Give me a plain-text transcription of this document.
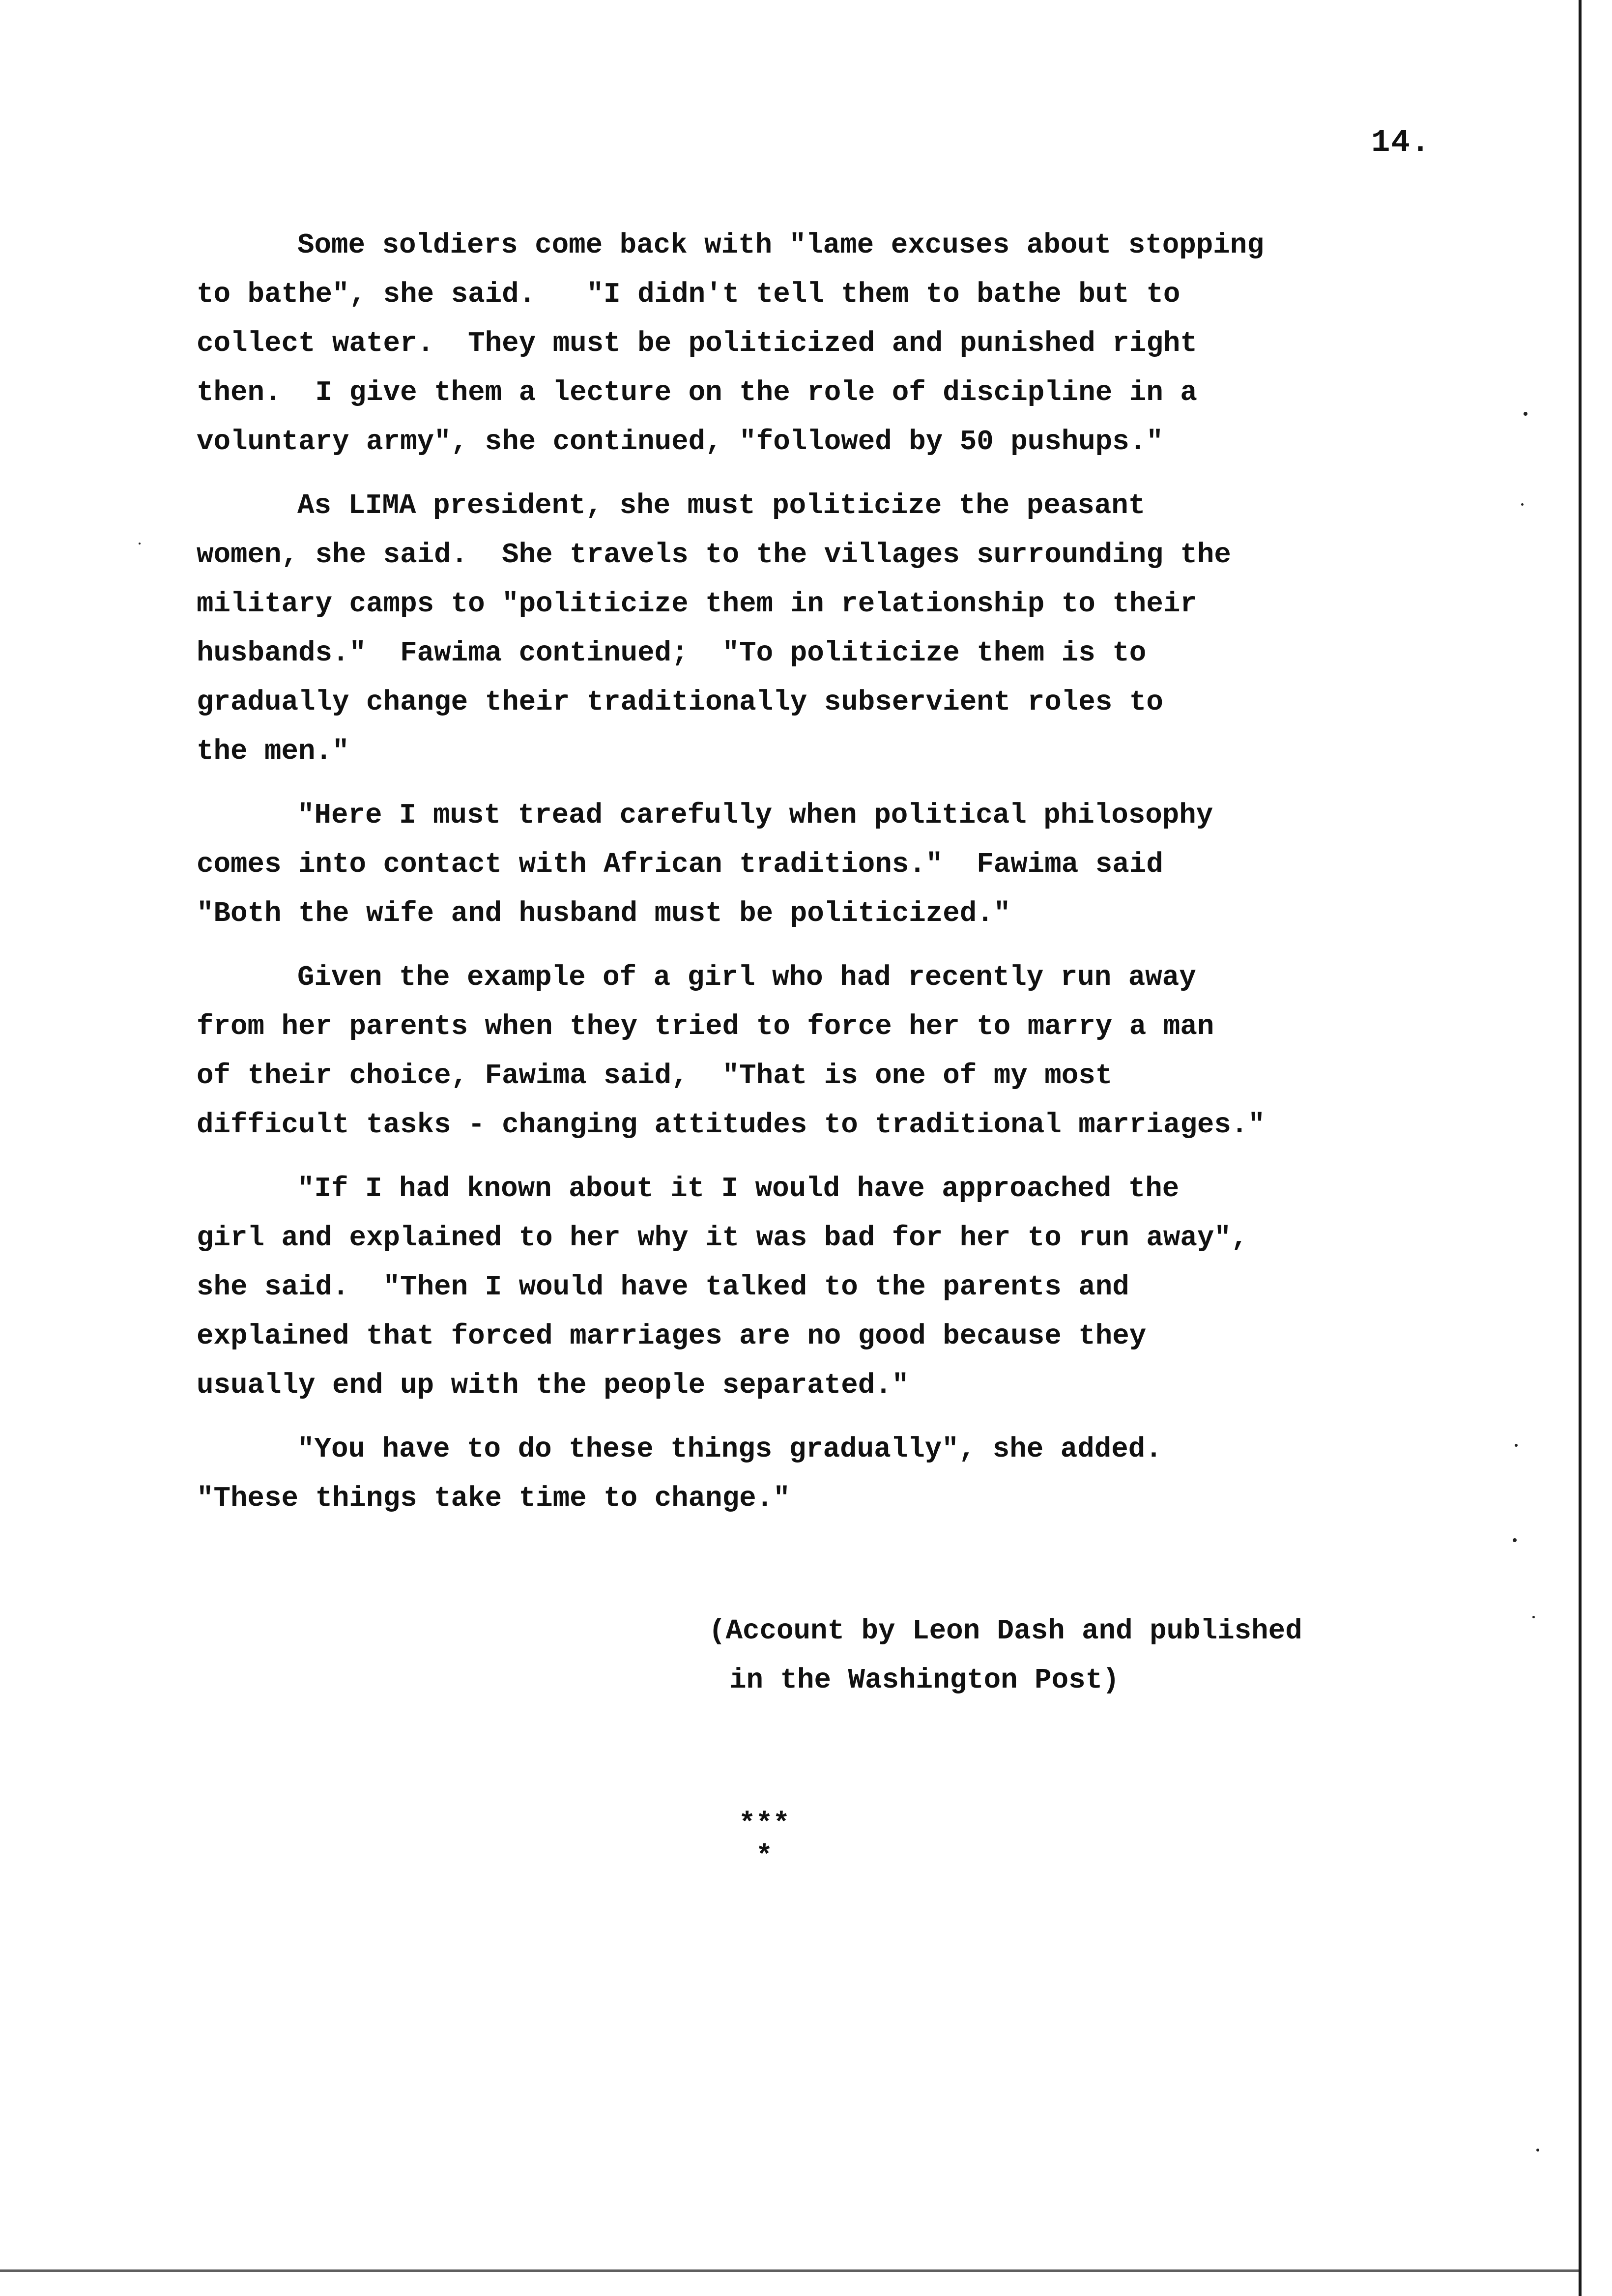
14.
Some soldiers come back with "lame excuses about stopping
to bathe", she said.   "I didn't tell them to bathe but to
collect water.  They must be politicized and punished right
then.  I give them a lecture on the role of discipline in a
voluntary army", she continued, "followed by 50 pushups."
As LIMA president, she must politicize the peasant
women, she said.  She travels to the villages surrounding the
military camps to "politicize them in relationship to their
husbands."  Fawima continued;  "To politicize them is to
gradually change their traditionally subservient roles to
the men."
"Here I must tread carefully when political philosophy
comes into contact with African traditions."  Fawima said
"Both the wife and husband must be politicized."
Given the example of a girl who had recently run away
from her parents when they tried to force her to marry a man
of their choice, Fawima said,  "That is one of my most
difficult tasks - changing attitudes to traditional marriages."
"If I had known about it I would have approached the
girl and explained to her why it was bad for her to run away",
she said.  "Then I would have talked to the parents and
explained that forced marriages are no good because they
usually end up with the people separated."
"You have to do these things gradually", she added.
"These things take time to change."
(Account by Leon Dash and published
in the Washington Post)
***
*
